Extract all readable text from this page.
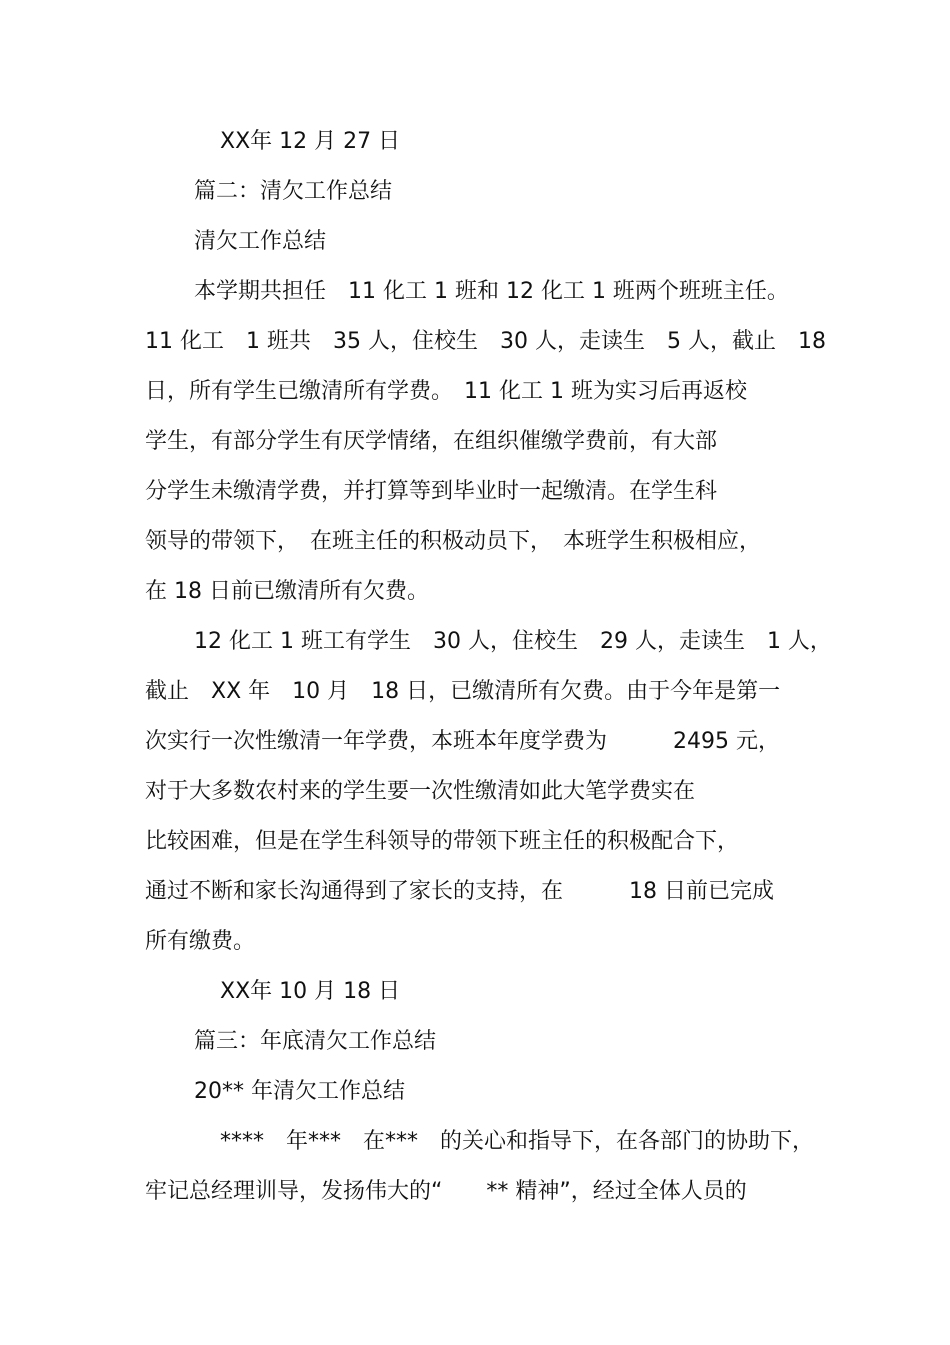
XX年 12 月 27 日
篇二：清欠工作总结
清欠工作总结
本学期共担任　11 化工 1 班和 12 化工 1 班两个班班主任。
11 化工　1 班共　35 人，住校生　30 人，走读生　5 人，截止　18
日，所有学生已缴清所有学费。　11 化工 1 班为实习后再返校
学生，有部分学生有厌学情绪，在组织催缴学费前，有大部
分学生未缴清学费，并打算等到毕业时一起缴清。在学生科
领导的带领下，　在班主任的积极动员下，　本班学生积极相应，
在 18 日前已缴清所有欠费。
12 化工 1 班工有学生　30 人，住校生　29 人，走读生　1 人，
截止　XX 年　10 月　18 日，已缴清所有欠费。由于今年是第一
次实行一次性缴清一年学费，本班本年度学费为　　　2495 元，
对于大多数农村来的学生要一次性缴清如此大笔学费实在
比较困难，但是在学生科领导的带领下班主任的积极配合下，
通过不断和家长沟通得到了家长的支持，在　　　18 日前已完成
所有缴费。
XX年 10 月 18 日
篇三：年底清欠工作总结
20** 年清欠工作总结
****　年***　在***　的关心和指导下，在各部门的协助下，
牢记总经理训导，发扬伟大的“　　** 精神”，经过全体人员的
